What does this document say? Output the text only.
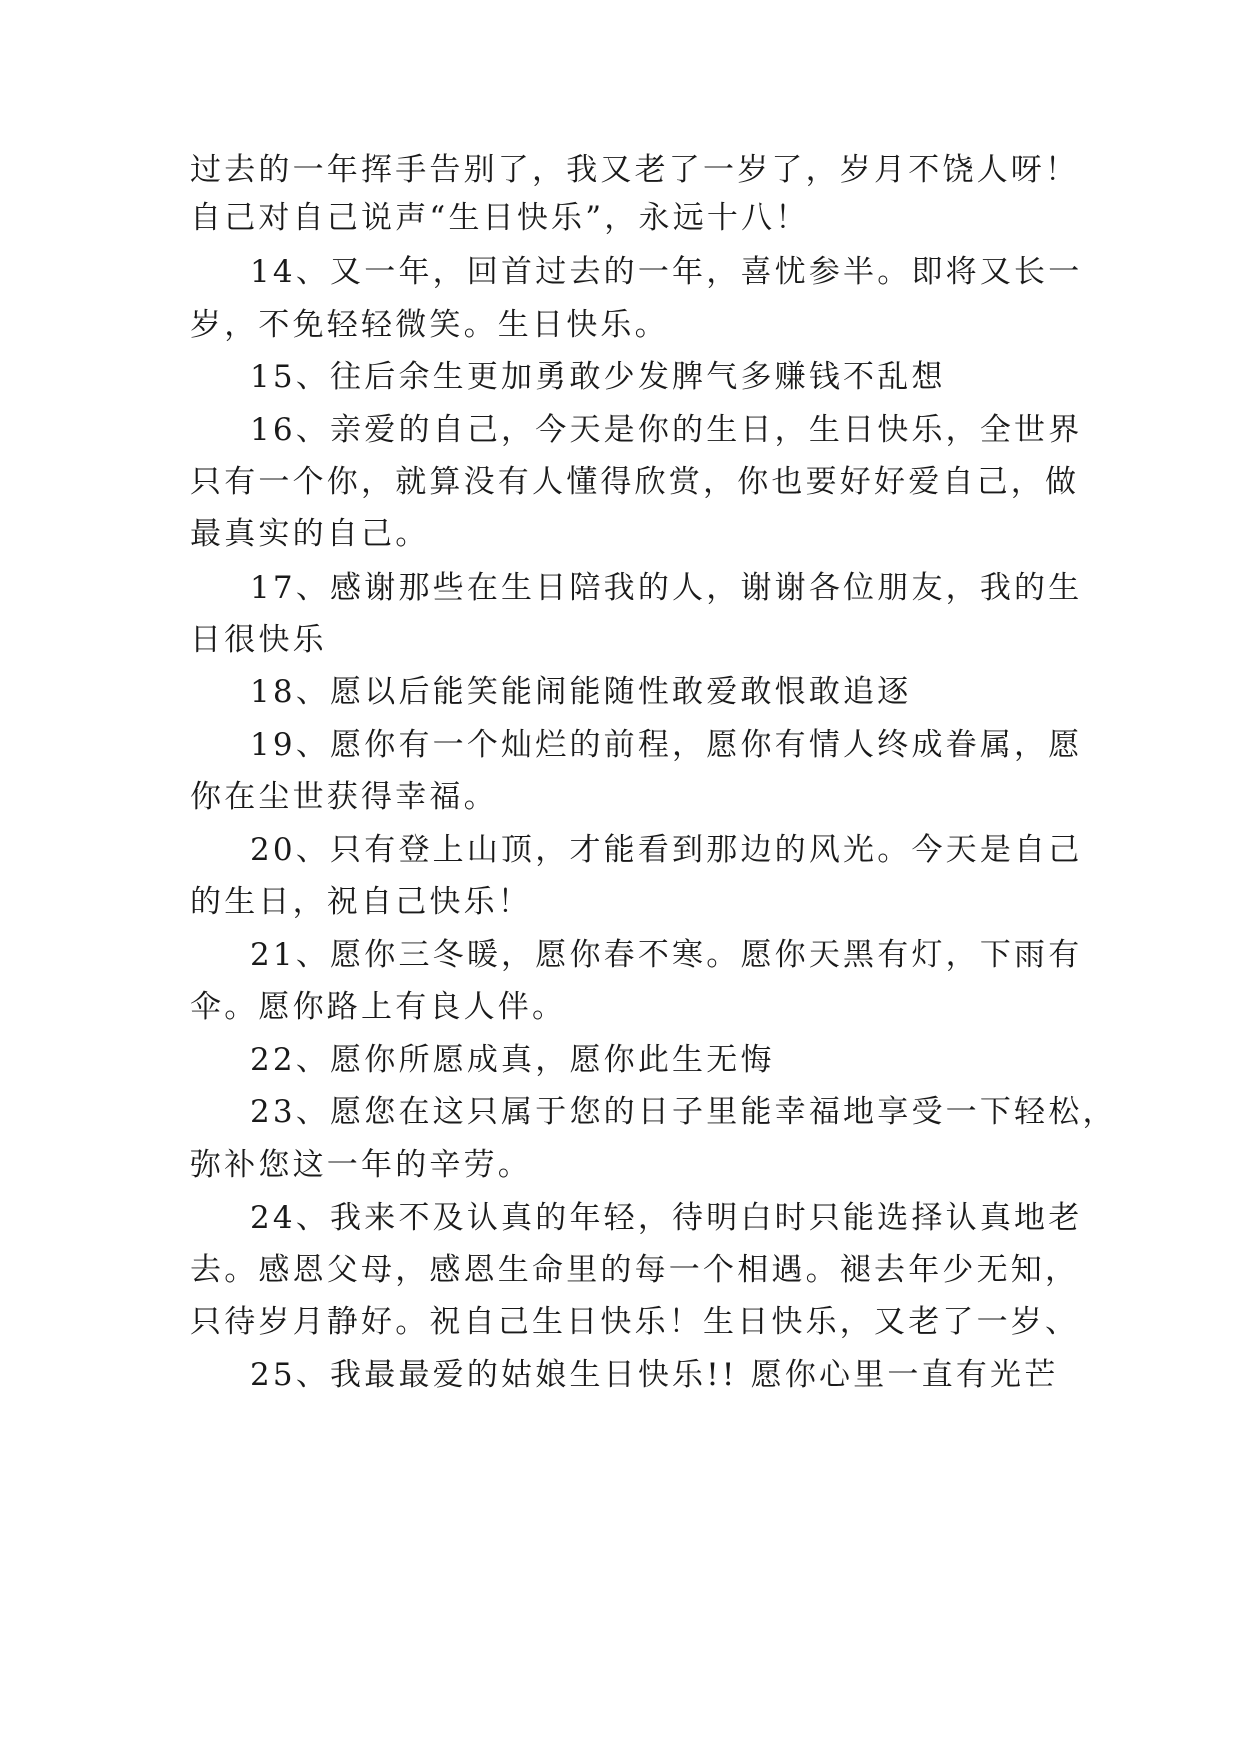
过去的一年挥手告别了，我又老了一岁了，岁月不饶人呀！
自己对自己说声“生日快乐”，永远十八！
14、又一年，回首过去的一年，喜忧参半。即将又长一
岁，不免轻轻微笑。生日快乐。
15、往后余生更加勇敢少发脾气多赚钱不乱想
16、亲爱的自己，今天是你的生日，生日快乐，全世界
只有一个你，就算没有人懂得欣赏，你也要好好爱自己，做
最真实的自己。
17、感谢那些在生日陪我的人，谢谢各位朋友，我的生
日很快乐
18、愿以后能笑能闹能随性敢爱敢恨敢追逐
19、愿你有一个灿烂的前程，愿你有情人终成眷属，愿
你在尘世获得幸福。
20、只有登上山顶，才能看到那边的风光。今天是自己
的生日，祝自己快乐！
21、愿你三冬暖，愿你春不寒。愿你天黑有灯，下雨有
伞。愿你路上有良人伴。
22、愿你所愿成真，愿你此生无悔
23、愿您在这只属于您的日子里能幸福地享受一下轻松，
弥补您这一年的辛劳。
24、我来不及认真的年轻，待明白时只能选择认真地老
去。感恩父母，感恩生命里的每一个相遇。褪去年少无知，
只待岁月静好。祝自己生日快乐！生日快乐，又老了一岁、
25、我最最爱的姑娘生日快乐!! 愿你心里一直有光芒
